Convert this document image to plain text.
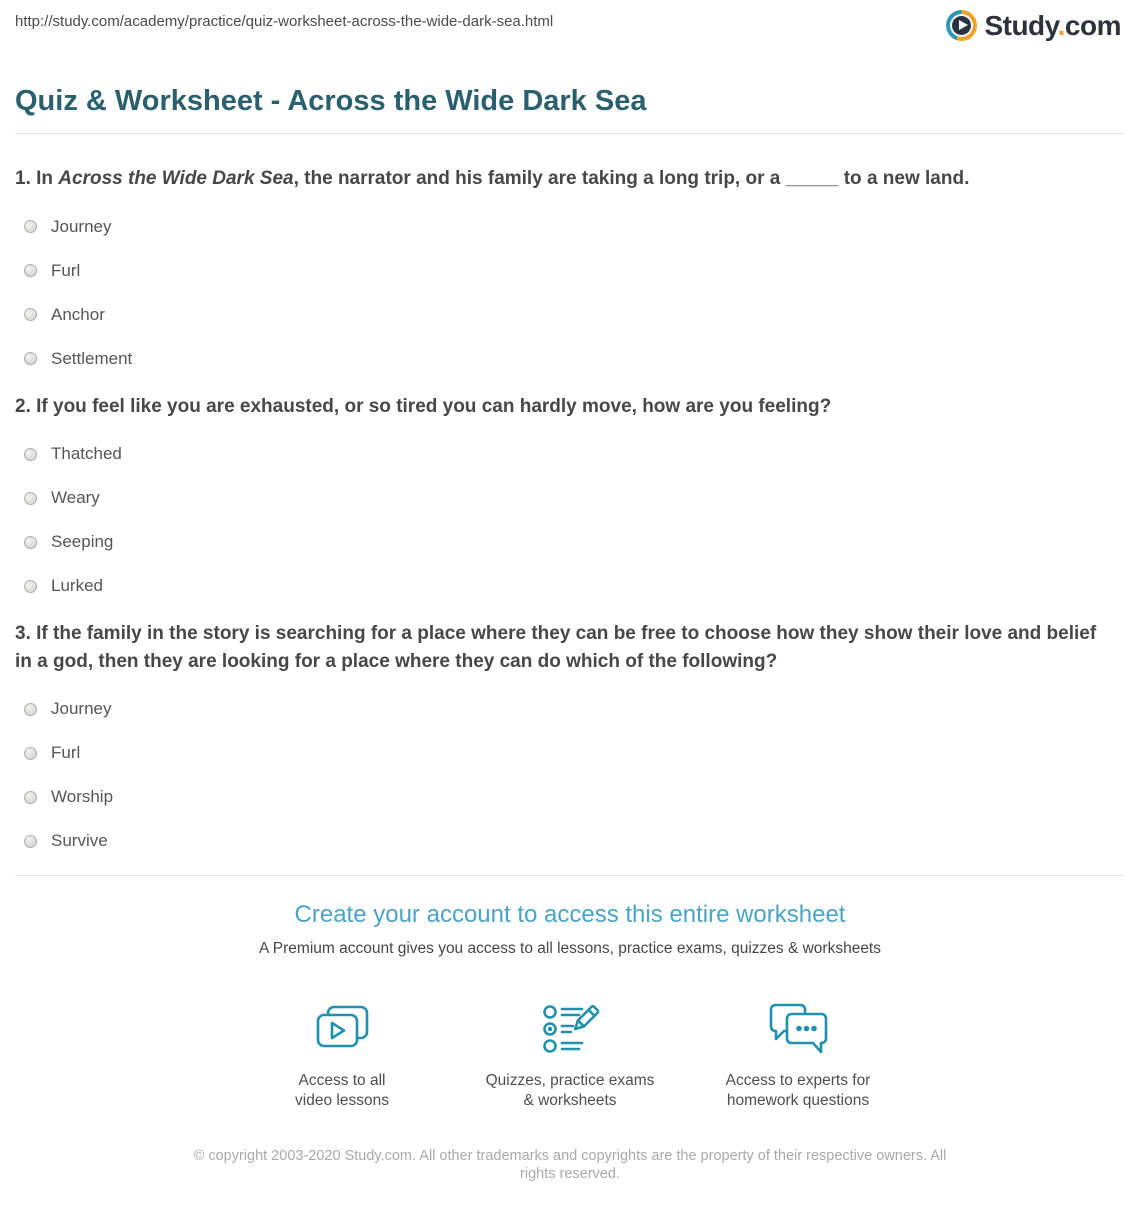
http://study.com/academy/practice/quiz-worksheet-across-the-wide-dark-sea.html	Study.com
Quiz & Worksheet - Across the Wide Dark Sea

1. In Across the Wide Dark Sea, the narrator and his family are taking a long trip, or a _____ to a new land.

Journey
Furl
Anchor
Settlement

2. If you feel like you are exhausted, or so tired you can hardly move, how are you feeling?

Thatched
Weary
Seeping
Lurked

3. If the family in the story is searching for a place where they can be free to choose how they show their love and belief in a god, then they are looking for a place where they can do which of the following?

Journey
Furl
Worship
Survive
Create your account to access this entire worksheet
A Premium account gives you access to all lessons, practice exams, quizzes & worksheets
Access to all
video lessons
Quizzes, practice exams
& worksheets
Access to experts for
homework questions
© copyright 2003-2020 Study.com. All other trademarks and copyrights are the property of their respective owners. All rights reserved.
